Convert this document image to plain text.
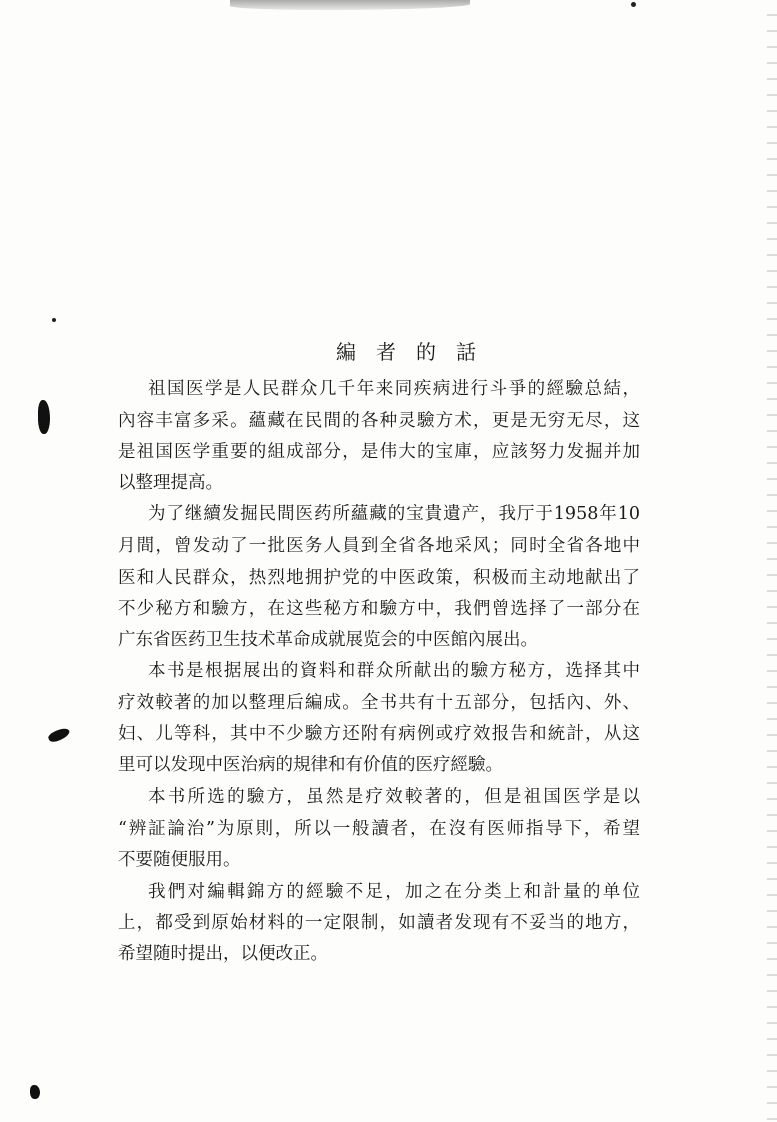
編者的話
祖国医学是人民群众几千年来同疾病进行斗爭的經驗总結，
內容丰富多采。蘊藏在民間的各种灵驗方术，更是无穷无尽，这
是祖国医学重要的組成部分，是伟大的宝庫，应該努力发掘并加
以整理提高。
为了继續发掘民間医药所蘊藏的宝貴遺产，我厅于1958年10
月間，曾发动了一批医务人員到全省各地采风；同时全省各地中
医和人民群众，热烈地拥护党的中医政策，积极而主动地献出了
不少秘方和驗方，在这些秘方和驗方中，我們曾选择了一部分在
广东省医药卫生技术革命成就展览会的中医館內展出。
本书是根据展出的資料和群众所献出的驗方秘方，选择其中
疗效較著的加以整理后編成。全书共有十五部分，包括內、外、
妇、儿等科，其中不少驗方还附有病例或疗效报告和統計，从这
里可以发现中医治病的規律和有价值的医疗經驗。
本书所选的驗方，虽然是疗效較著的，但是祖国医学是以
“辨証論治”为原則，所以一般讀者，在沒有医师指导下，希望
不要随便服用。
我們对編輯錦方的經驗不足，加之在分类上和計量的单位
上，都受到原始材料的一定限制，如讀者发现有不妥当的地方，
希望随时提出，以便改正。
